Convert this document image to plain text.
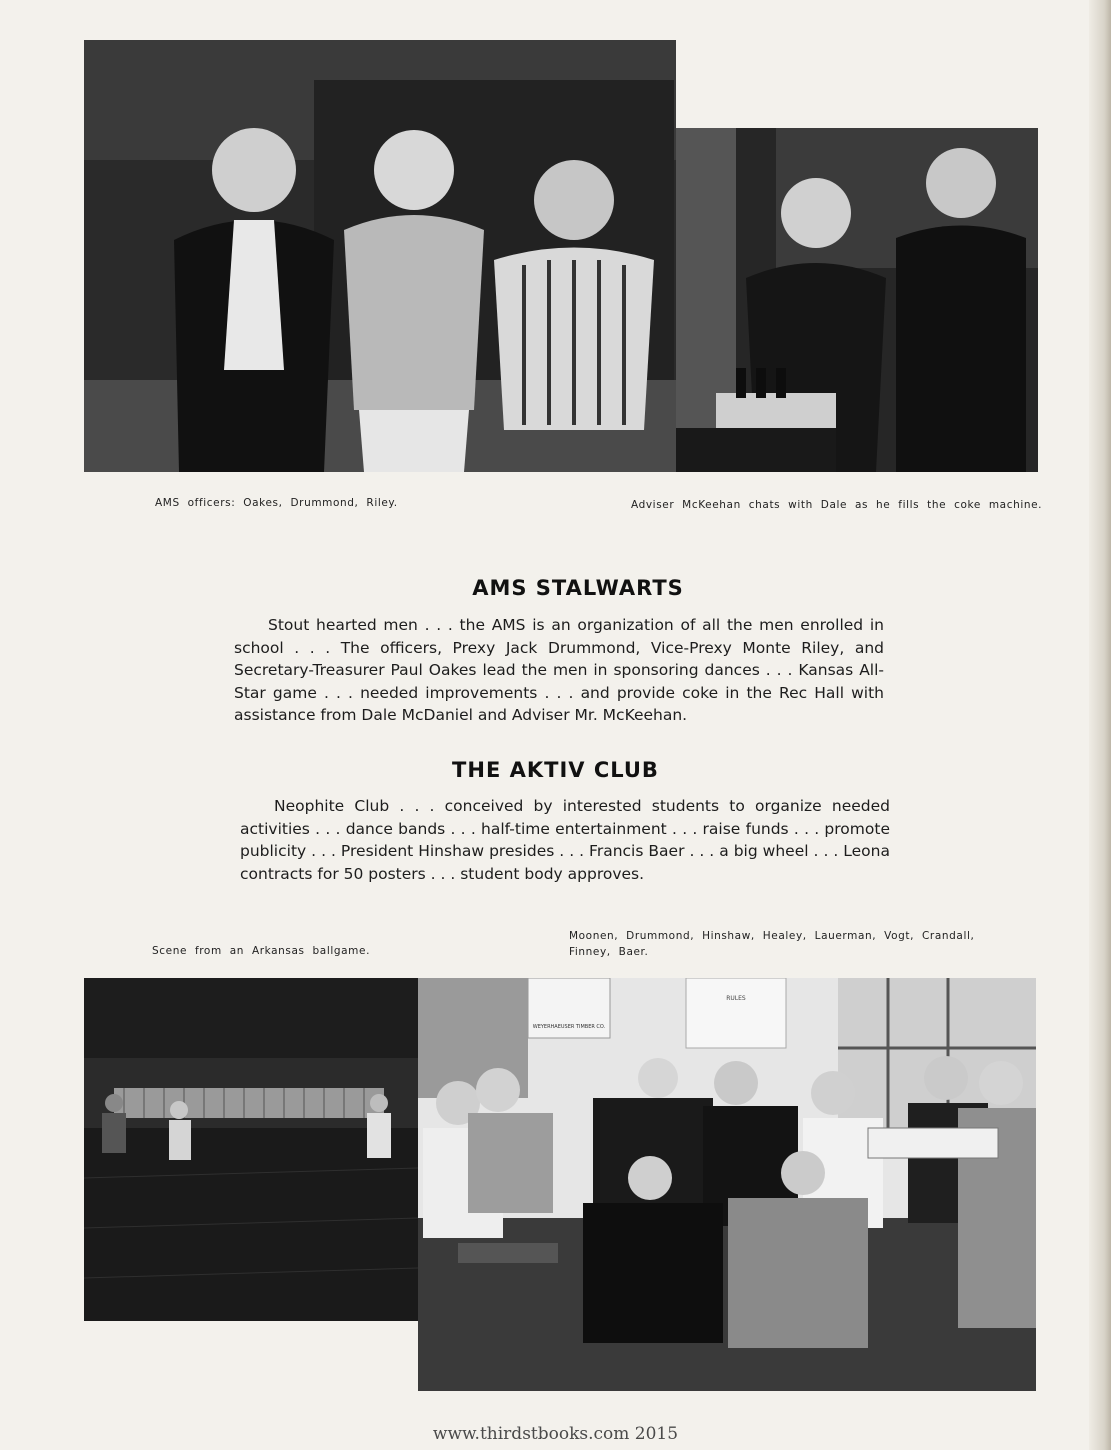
AMS officers: Oakes, Drummond, Riley.	Adviser McKeehan chats with Dale as he fills the coke machine.
AMS STALWARTS
Stout hearted men . . . the AMS is an organization of all the men enrolled in school . . . The officers, Prexy Jack Drummond, Vice-Prexy Monte Riley, and Secretary-Treasurer Paul Oakes lead the men in sponsoring dances . . . Kansas All-Star game . . . needed improvements . . . and provide coke in the Rec Hall with assistance from Dale McDaniel and Adviser Mr. McKeehan.
THE AKTIV CLUB
Neophite Club . . . conceived by interested students to organize needed activities . . . dance bands . . . half-time entertainment . . . raise funds . . . promote publicity . . . President Hinshaw presides . . . Francis Baer . . . a big wheel . . . Leona contracts for 50 posters . . . student body approves.
Scene from an Arkansas ballgame.
Moonen, Drummond, Hinshaw, Healey, Lauerman, Vogt, Crandall,
Finney, Baer.
WEYERHAEUSER TIMBER CO.
RULES
www.thirdstbooks.com 2015
